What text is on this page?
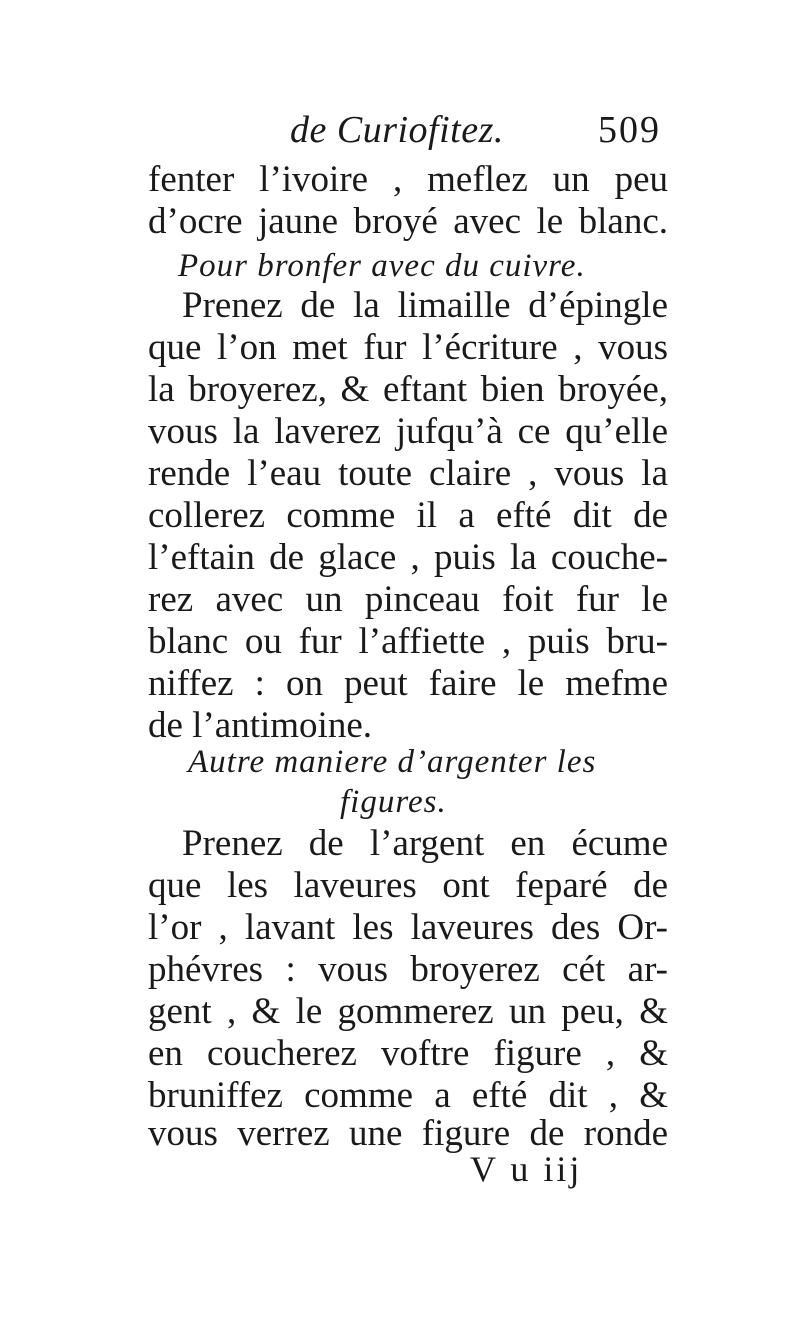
de Curiofitez. 509
fenter l’ivoire , meflez un peu
d’ocre jaune broyé avec le blanc.
Pour bronfer avec du cuivre.
Prenez de la limaille d’épingle
que l’on met fur l’écriture , vous
la broyerez, & eftant bien broyée,
vous la laverez jufqu’à ce qu’elle
rende l’eau toute claire , vous la
collerez comme il a efté dit de
l’eftain de glace , puis la couche-
rez avec un pinceau foit fur le
blanc ou fur l’affiette , puis bru-
niffez : on peut faire le mefme
de l’antimoine.
Autre maniere d’argenter les
figures.
Prenez de l’argent en écume
que les laveures ont feparé de
l’or , lavant les laveures des Or-
phévres : vous broyerez cét ar-
gent , & le gommerez un peu, &
en coucherez voftre figure , &
bruniffez comme a efté dit , &
vous verrez une figure de ronde
V u iij
